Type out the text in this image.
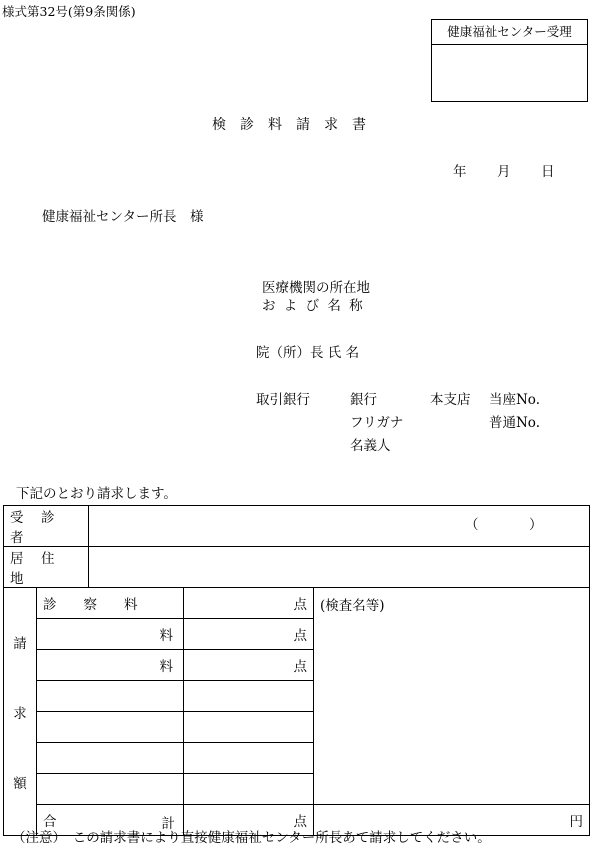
様式第32号(第9条関係)
健康福祉センター受理
検診料請求書
年 月 日
健康福祉センター所長　様
医療機関の所在地
お よ び 名 称
院（所）長 氏 名
取引銀行	銀行	本支店 当座No.
フリガナ	普通No.
名義人
下記のとおり請求します。
受　診　者		（ ）		

居　住　地				

請
求
額	診　　察　　料		点	(検査名等)
	料		点	
	料		点	

	合 計		点	円
（注意）　この請求書により直接健康福祉センター所長あて請求してください。
